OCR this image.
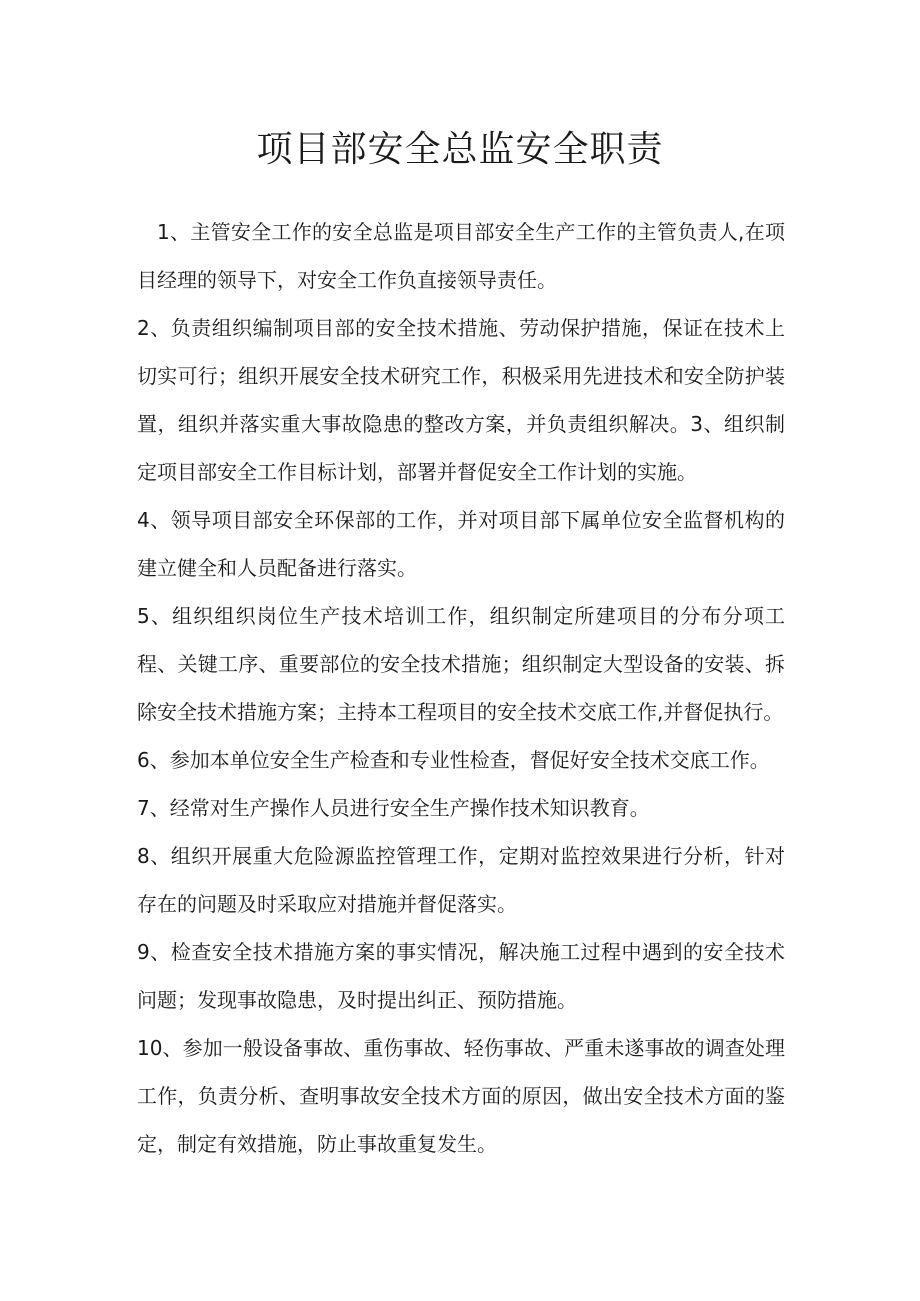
项目部安全总监安全职责

1、主管安全工作的安全总监是项目部安全生产工作的主管负责人,在项目经理的领导下，对安全工作负直接领导责任。

2、负责组织编制项目部的安全技术措施、劳动保护措施，保证在技术上切实可行；组织开展安全技术研究工作，积极采用先进技术和安全防护装置，组织并落实重大事故隐患的整改方案，并负责组织解决。3、组织制定项目部安全工作目标计划，部署并督促安全工作计划的实施。

4、领导项目部安全环保部的工作，并对项目部下属单位安全监督机构的建立健全和人员配备进行落实。

5、组织组织岗位生产技术培训工作，组织制定所建项目的分布分项工程、关键工序、重要部位的安全技术措施；组织制定大型设备的安装、拆除安全技术措施方案；主持本工程项目的安全技术交底工作,并督促执行。

6、参加本单位安全生产检查和专业性检查，督促好安全技术交底工作。

7、经常对生产操作人员进行安全生产操作技术知识教育。

8、组织开展重大危险源监控管理工作，定期对监控效果进行分析，针对存在的问题及时采取应对措施并督促落实。

9、检查安全技术措施方案的事实情况，解决施工过程中遇到的安全技术问题；发现事故隐患，及时提出纠正、预防措施。

10、参加一般设备事故、重伤事故、轻伤事故、严重未遂事故的调查处理工作，负责分析、查明事故安全技术方面的原因，做出安全技术方面的鉴定，制定有效措施，防止事故重复发生。
